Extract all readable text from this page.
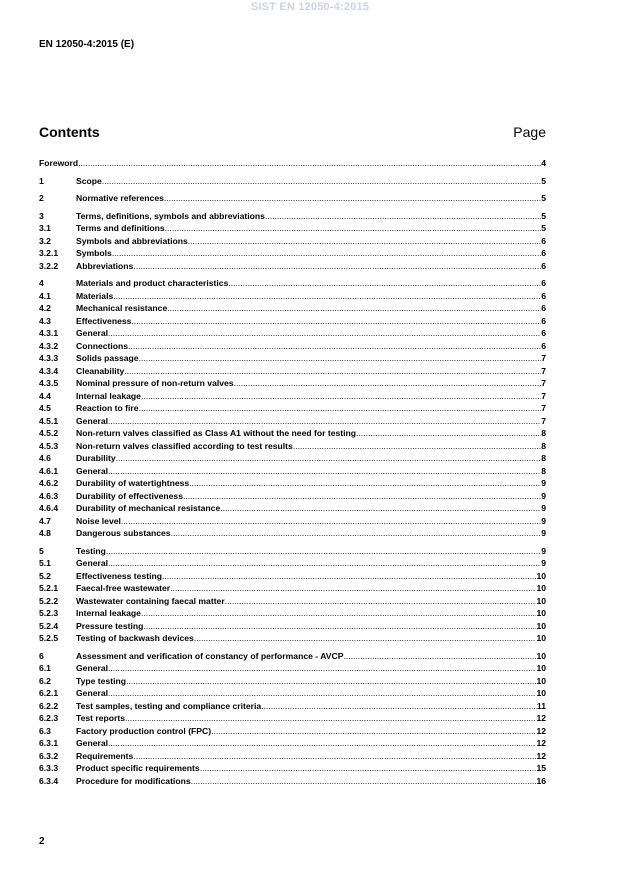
SIST EN 12050-4:2015
EN 12050-4:2015 (E)
Contents	Page
Foreword .....	4
1	Scope .....	5
2	Normative references .....	5
3	Terms, definitions, symbols and abbreviations .....	5
3.1	Terms and definitions .....	5
3.2	Symbols and abbreviations .....	6
3.2.1	Symbols .....	6
3.2.2	Abbreviations .....	6
4	Materials and product characteristics .....	6
4.1	Materials .....	6
4.2	Mechanical resistance .....	6
4.3	Effectiveness .....	6
4.3.1	General .....	6
4.3.2	Connections .....	6
4.3.3	Solids passage .....	7
4.3.4	Cleanability .....	7
4.3.5	Nominal pressure of non-return valves .....	7
4.4	Internal leakage .....	7
4.5	Reaction to fire .....	7
4.5.1	General .....	7
4.5.2	Non-return valves classified as Class A1 without the need for testing .....	8
4.5.3	Non-return valves classified according to test results .....	8
4.6	Durability .....	8
4.6.1	General .....	8
4.6.2	Durability of watertightness .....	9
4.6.3	Durability of effectiveness .....	9
4.6.4	Durability of mechanical resistance .....	9
4.7	Noise level .....	9
4.8	Dangerous substances .....	9
5	Testing .....	9
5.1	General .....	9
5.2	Effectiveness testing .....	10
5.2.1	Faecal-free wastewater .....	10
5.2.2	Wastewater containing faecal matter .....	10
5.2.3	Internal leakage .....	10
5.2.4	Pressure testing .....	10
5.2.5	Testing of backwash devices .....	10
6	Assessment and verification of constancy of performance - AVCP .....	10
6.1	General .....	10
6.2	Type testing .....	10
6.2.1	General .....	10
6.2.2	Test samples, testing and compliance criteria .....	11
6.2.3	Test reports .....	12
6.3	Factory production control (FPC) .....	12
6.3.1	General .....	12
6.3.2	Requirements .....	12
6.3.3	Product specific requirements .....	15
6.3.4	Procedure for modifications .....	16
2
